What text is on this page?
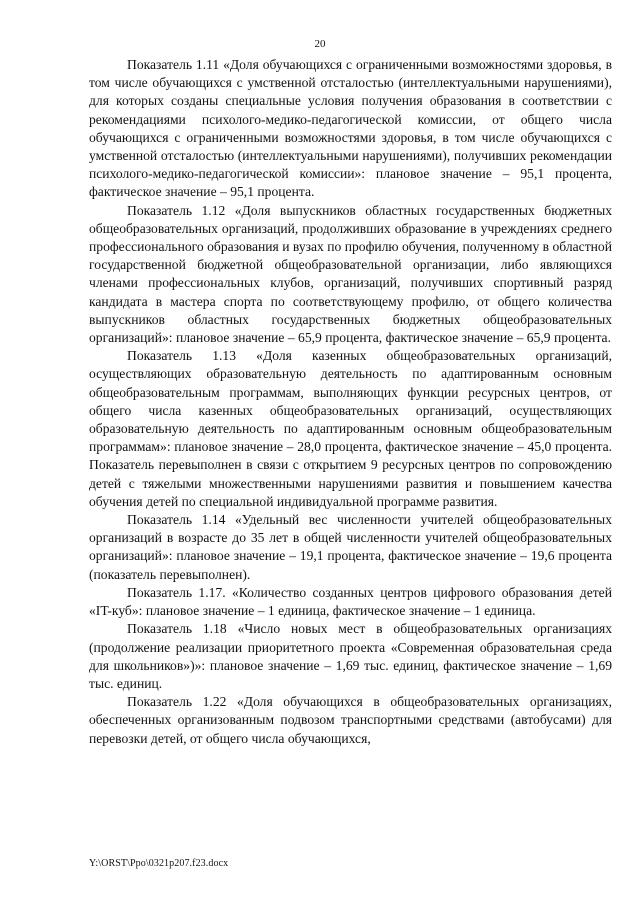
20

Показатель 1.11 «Доля обучающихся с ограниченными возможностями здоровья, в том числе обучающихся с умственной отсталостью (интеллектуальными нарушениями), для которых созданы специальные условия получения образования в соответствии с рекомендациями психолого-медико-педагогической комиссии, от общего числа обучающихся с ограниченными возможностями здоровья, в том числе обучающихся с умственной отсталостью (интеллектуальными нарушениями), получивших рекомендации психолого-медико-педагогической комиссии»: плановое значение – 95,1 процента, фактическое значение – 95,1 процента.

Показатель 1.12 «Доля выпускников областных государственных бюджетных общеобразовательных организаций, продолживших образование в учреждениях среднего профессионального образования и вузах по профилю обучения, полученному в областной государственной бюджетной общеобразовательной организации, либо являющихся членами профессиональных клубов, организаций, получивших спортивный разряд кандидата в мастера спорта по соответствующему профилю, от общего количества выпускников областных государственных бюджетных общеобразовательных организаций»: плановое значение – 65,9 процента, фактическое значение – 65,9 процента.

Показатель 1.13 «Доля казенных общеобразовательных организаций, осуществляющих образовательную деятельность по адаптированным основным общеобразовательным программам, выполняющих функции ресурсных центров, от общего числа казенных общеобразовательных организаций, осуществляющих образовательную деятельность по адаптированным основным общеобразовательным программам»: плановое значение – 28,0 процента, фактическое значение – 45,0 процента. Показатель перевыполнен в связи с открытием 9 ресурсных центров по сопровождению детей с тяжелыми множественными нарушениями развития и повышением качества обучения детей по специальной индивидуальной программе развития.

Показатель 1.14 «Удельный вес численности учителей общеобразовательных организаций в возрасте до 35 лет в общей численности учителей общеобразовательных организаций»: плановое значение – 19,1 процента, фактическое значение – 19,6 процента (показатель перевыполнен).

Показатель 1.17. «Количество созданных центров цифрового образования детей «IT-куб»: плановое значение – 1 единица, фактическое значение – 1 единица.

Показатель 1.18 «Число новых мест в общеобразовательных организациях (продолжение реализации приоритетного проекта «Современная образовательная среда для школьников»)»: плановое значение – 1,69 тыс. единиц, фактическое значение – 1,69 тыс. единиц.

Показатель 1.22 «Доля обучающихся в общеобразовательных организациях, обеспеченных организованным подвозом транспортными средствами (автобусами) для перевозки детей, от общего числа обучающихся,

Y:\ORST\Ppo\0321p207.f23.docx
